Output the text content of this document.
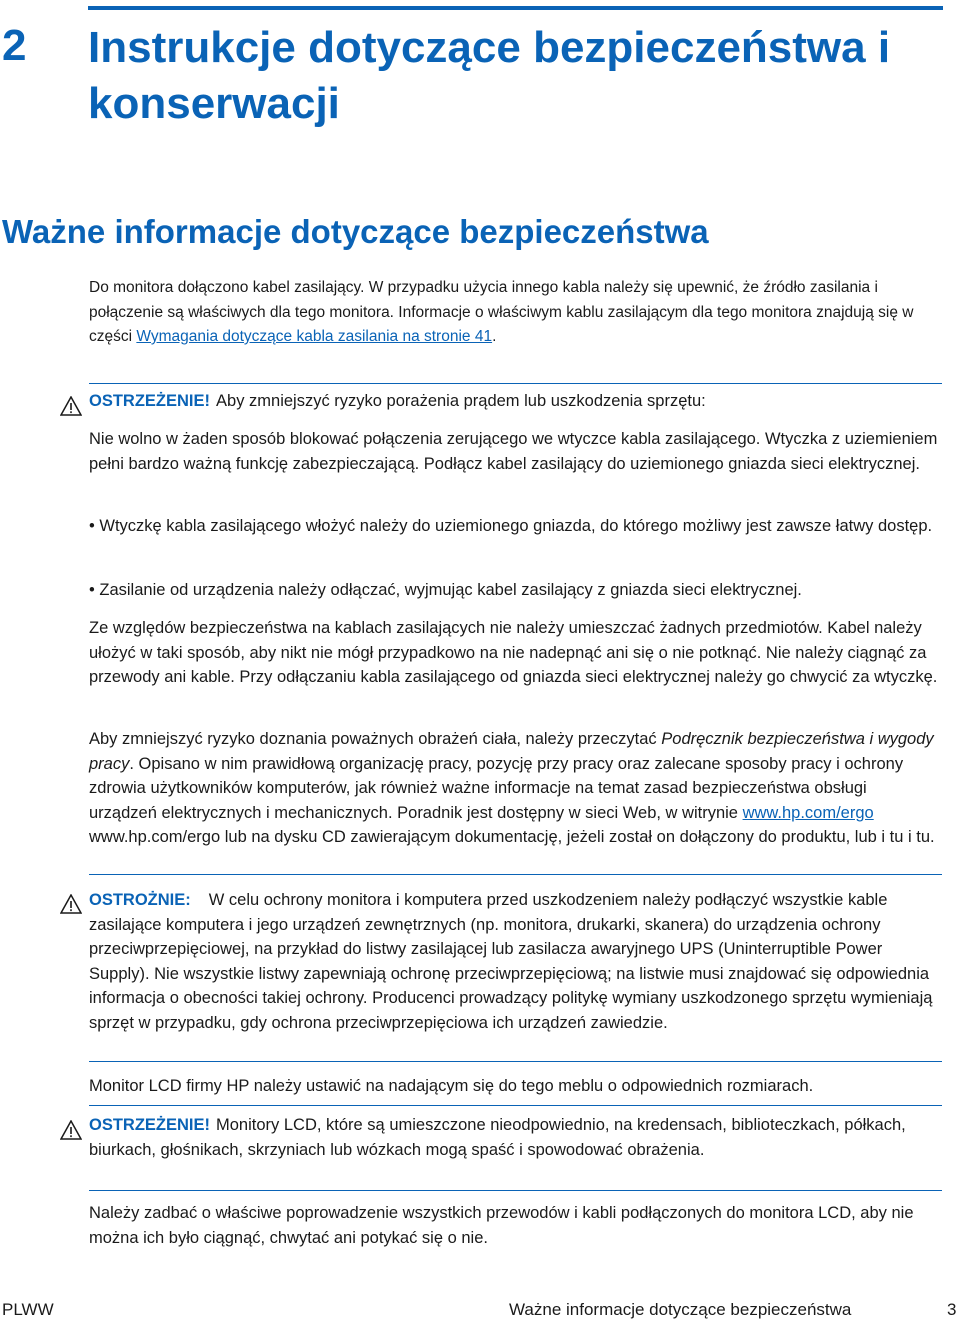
2 Instrukcje dotyczące bezpieczeństwa i konserwacji
Ważne informacje dotyczące bezpieczeństwa

Do monitora dołączono kabel zasilający. W przypadku użycia innego kabla należy się upewnić, że źródło zasilania i połączenie są właściwych dla tego monitora. Informacje o właściwym kablu zasilającym dla tego monitora znajdują się w części Wymagania dotyczące kabla zasilania na stronie 41.

OSTRZEŻENIE! Aby zmniejszyć ryzyko porażenia prądem lub uszkodzenia sprzętu:

Nie wolno w żaden sposób blokować połączenia zerującego we wtyczce kabla zasilającego. Wtyczka z uziemieniem pełni bardzo ważną funkcję zabezpieczającą. Podłącz kabel zasilający do uziemionego gniazda sieci elektrycznej.

• Wtyczkę kabla zasilającego włożyć należy do uziemionego gniazda, do którego możliwy jest zawsze łatwy dostęp.
• Zasilanie od urządzenia należy odłączać, wyjmując kabel zasilający z gniazda sieci elektrycznej.

Ze względów bezpieczeństwa na kablach zasilających nie należy umieszczać żadnych przedmiotów. Kabel należy ułożyć w taki sposób, aby nikt nie mógł przypadkowo na nie nadepnąć ani się o nie potknąć. Nie należy ciągnąć za przewody ani kable. Przy odłączaniu kabla zasilającego od gniazda sieci elektrycznej należy go chwycić za wtyczkę.

Aby zmniejszyć ryzyko doznania poważnych obrażeń ciała, należy przeczytać Podręcznik bezpieczeństwa i wygody pracy. Opisano w nim prawidłową organizację pracy, pozycję przy pracy oraz zalecane sposoby pracy i ochrony zdrowia użytkowników komputerów, jak również ważne informacje na temat zasad bezpieczeństwa obsługi urządzeń elektrycznych i mechanicznych. Poradnik jest dostępny w sieci Web, w witrynie www.hp.com/ergo www.hp.com/ergo lub na dysku CD zawierającym dokumentację, jeżeli został on dołączony do produktu, lub i tu i tu.

OSTROŻNIE: W celu ochrony monitora i komputera przed uszkodzeniem należy podłączyć wszystkie kable zasilające komputera i jego urządzeń zewnętrznych (np. monitora, drukarki, skanera) do urządzenia ochrony przeciwprzepięciowej, na przykład do listwy zasilającej lub zasilacza awaryjnego UPS (Uninterruptible Power Supply). Nie wszystkie listwy zapewniają ochronę przeciwprzepięciową; na listwie musi znajdować się odpowiednia informacja o obecności takiej ochrony. Producenci prowadzący politykę wymiany uszkodzonego sprzętu wymieniają sprzęt w przypadku, gdy ochrona przeciwprzepięciowa ich urządzeń zawiedzie.

Monitor LCD firmy HP należy ustawić na nadającym się do tego meblu o odpowiednich rozmiarach.

OSTRZEŻENIE! Monitory LCD, które są umieszczone nieodpowiednio, na kredensach, biblioteczkach, półkach, biurkach, głośnikach, skrzyniach lub wózkach mogą spaść i spowodować obrażenia.

Należy zadbać o właściwe poprowadzenie wszystkich przewodów i kabli podłączonych do monitora LCD, aby nie można ich było ciągnąć, chwytać ani potykać się o nie.

PLWW	Ważne informacje dotyczące bezpieczeństwa	3
